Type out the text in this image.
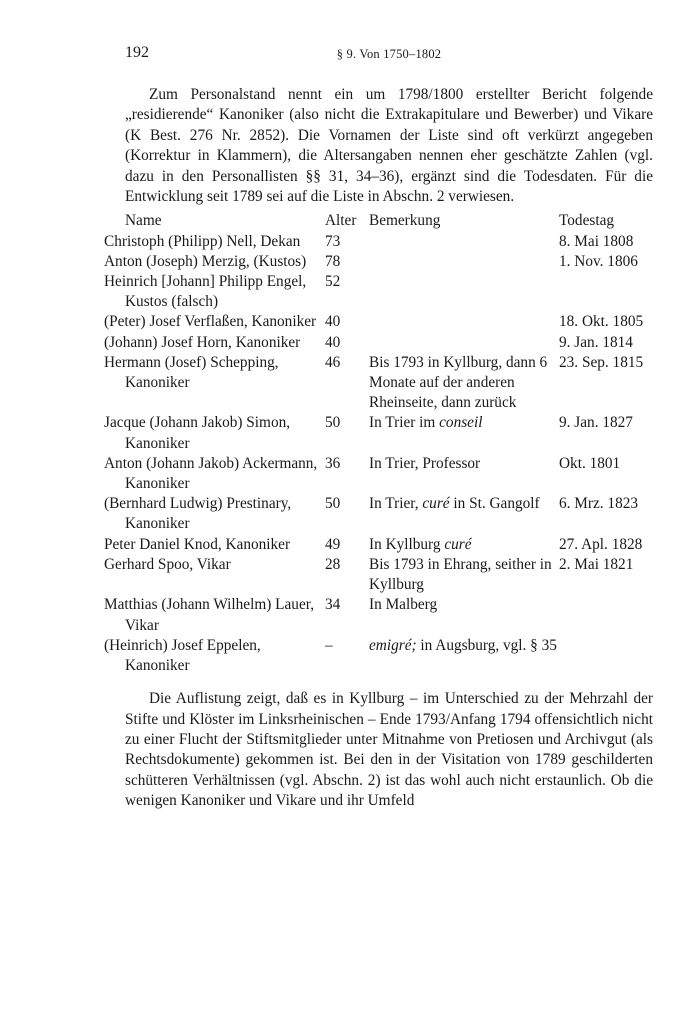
192	§ 9. Von 1750–1802

Zum Personalstand nennt ein um 1798/1800 erstellter Bericht folgende „residierende“ Kanoniker (also nicht die Extrakapitulare und Bewerber) und Vikare (K Best. 276 Nr. 2852). Die Vornamen der Liste sind oft verkürzt angegeben (Korrektur in Klammern), die Altersangaben nennen eher geschätzte Zahlen (vgl. dazu in den Personallisten §§ 31, 34–36), ergänzt sind die Todesdaten. Für die Entwicklung seit 1789 sei auf die Liste in Abschn. 2 verwiesen.

Name	Alter	Bemerkung	Todestag
Christoph (Philipp) Nell, Dekan	73		8. Mai 1808
Anton (Joseph) Merzig, (Kustos)	78		1. Nov. 1806
Heinrich [Johann] Philipp Engel, Kustos (falsch)	52		
(Peter) Josef Verflaßen, Kanoniker	40		18. Okt. 1805
(Johann) Josef Horn, Kanoniker	40		9. Jan. 1814
Hermann (Josef) Schepping, Kanoniker	46	Bis 1793 in Kyllburg, dann 6 Monate auf der anderen Rheinseite, dann zurück	23. Sep. 1815
Jacque (Johann Jakob) Simon, Kanoniker	50	In Trier im conseil	9. Jan. 1827
Anton (Johann Jakob) Ackermann, Kanoniker	36	In Trier, Professor	Okt. 1801
(Bernhard Ludwig) Prestinary, Kanoniker	50	In Trier, curé in St. Gangolf	6. Mrz. 1823
Peter Daniel Knod, Kanoniker	49	In Kyllburg curé	27. Apl. 1828
Gerhard Spoo, Vikar	28	Bis 1793 in Ehrang, seither in Kyllburg	2. Mai 1821
Matthias (Johann Wilhelm) Lauer, Vikar	34	In Malberg	
(Heinrich) Josef Eppelen, Kanoniker	–	emigré; in Augsburg, vgl. § 35	

Die Auflistung zeigt, daß es in Kyllburg – im Unterschied zu der Mehrzahl der Stifte und Klöster im Linksrheinischen – Ende 1793/Anfang 1794 offensichtlich nicht zu einer Flucht der Stiftsmitglieder unter Mitnahme von Pretiosen und Archivgut (als Rechtsdokumente) gekommen ist. Bei den in der Visitation von 1789 geschilderten schütteren Verhältnissen (vgl. Abschn. 2) ist das wohl auch nicht erstaunlich. Ob die wenigen Kanoniker und Vikare und ihr Umfeld
